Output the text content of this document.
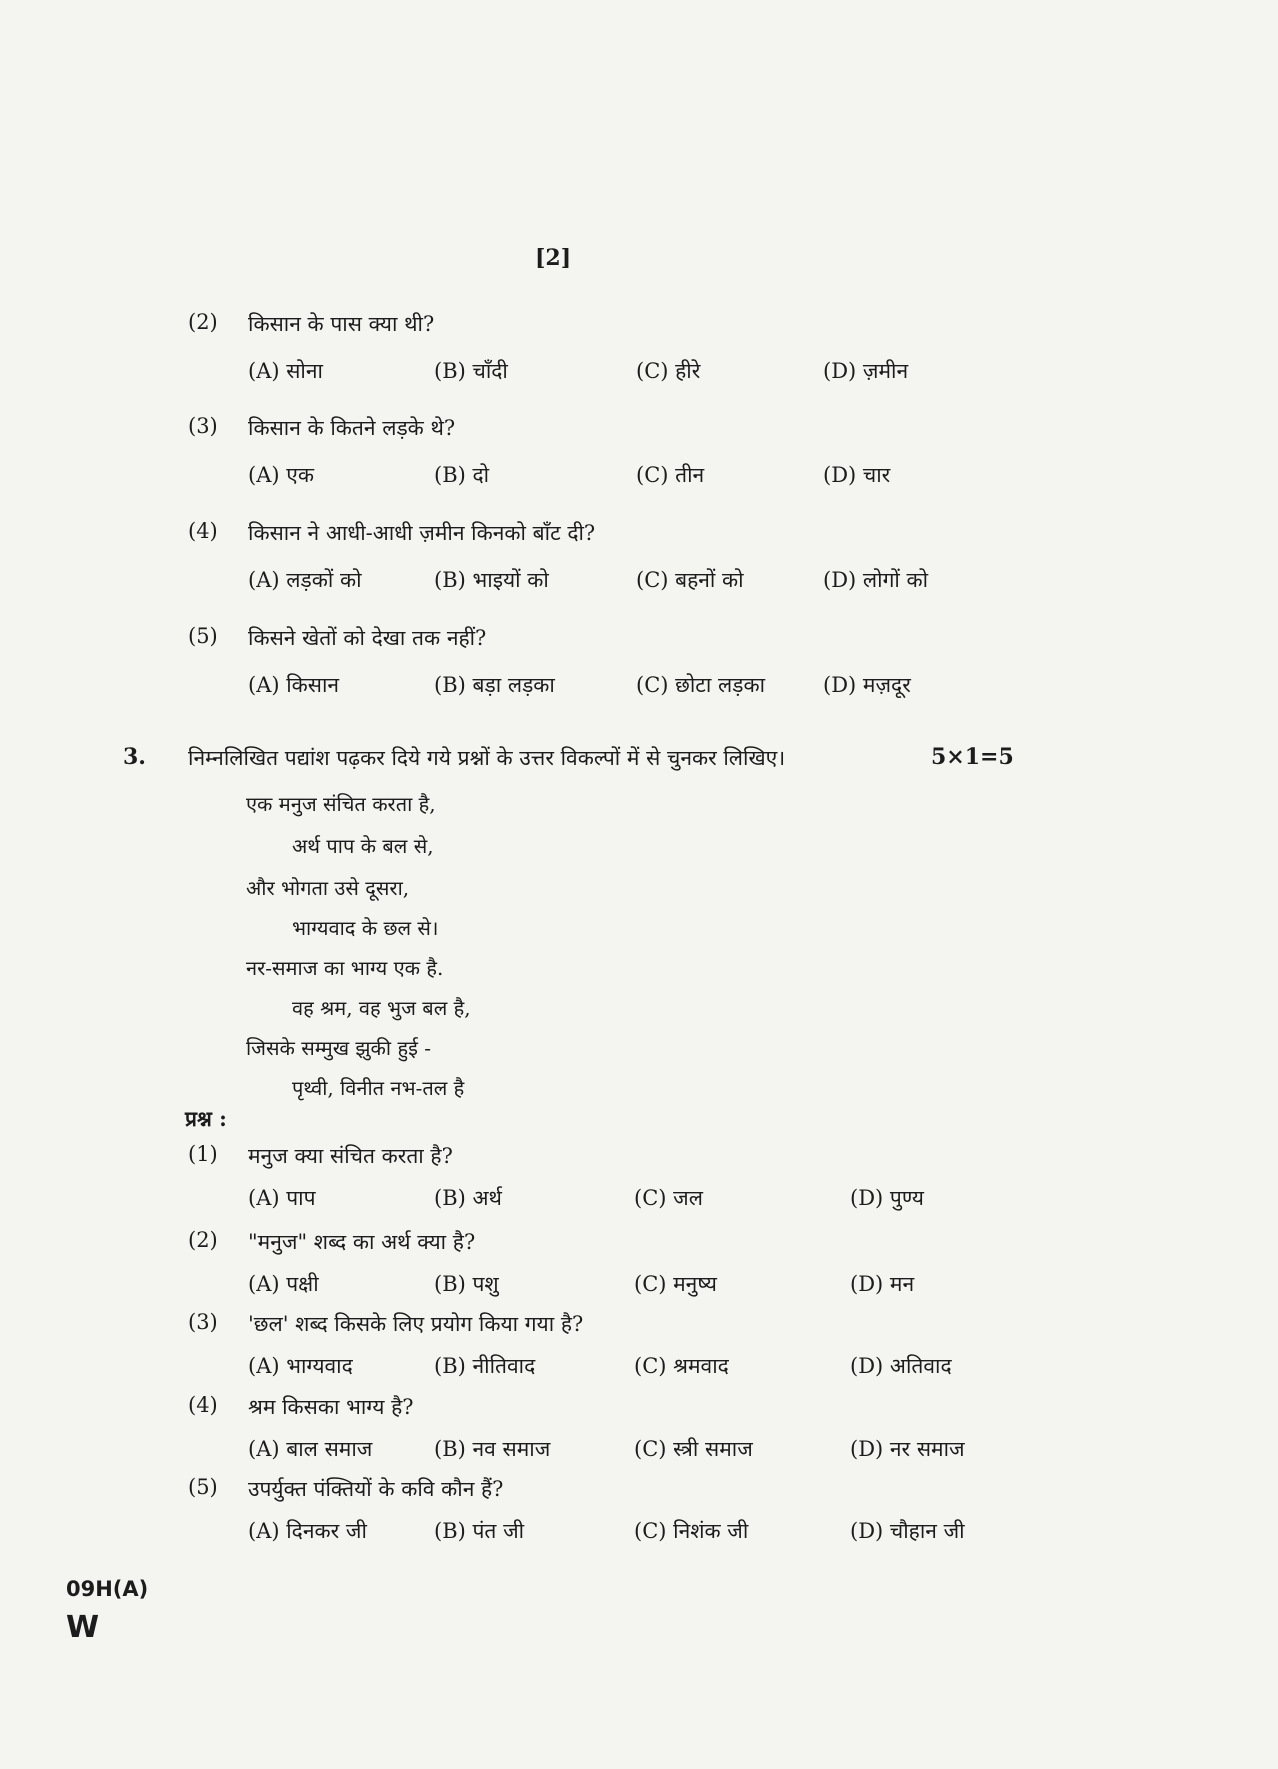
[2]
(2) किसान के पास क्या थी?
(A) सोना	(B) चाँदी	(C) हीरे	(D) ज़मीन
(3) किसान के कितने लड़के थे?
(A) एक	(B) दो	(C) तीन	(D) चार
(4) किसान ने आधी-आधी ज़मीन किनको बाँट दी?
(A) लड़कों को	(B) भाइयों को	(C) बहनों को	(D) लोगों को
(5) किसने खेतों को देखा तक नहीं?
(A) किसान	(B) बड़ा लड़का	(C) छोटा लड़का	(D) मज़दूर
3. निम्नलिखित पद्यांश पढ़कर दिये गये प्रश्नों के उत्तर विकल्पों में से चुनकर लिखिए।	5×1=5
एक मनुज संचित करता है,
अर्थ पाप के बल से,
और भोगता उसे दूसरा,
भाग्यवाद के छल से।
नर-समाज का भाग्य एक है.
वह श्रम, वह भुज बल है,
जिसके सम्मुख झुकी हुई -
पृथ्वी, विनीत नभ-तल है
प्रश्न :
(1) मनुज क्या संचित करता है?
(A) पाप	(B) अर्थ	(C) जल	(D) पुण्य
(2) "मनुज" शब्द का अर्थ क्या है?
(A) पक्षी	(B) पशु	(C) मनुष्य	(D) मन
(3) 'छल' शब्द किसके लिए प्रयोग किया गया है?
(A) भाग्यवाद	(B) नीतिवाद	(C) श्रमवाद	(D) अतिवाद
(4) श्रम किसका भाग्य है?
(A) बाल समाज	(B) नव समाज	(C) स्त्री समाज	(D) नर समाज
(5) उपर्युक्त पंक्तियों के कवि कौन हैं?
(A) दिनकर जी	(B) पंत जी	(C) निशंक जी	(D) चौहान जी
09H(A)
W
